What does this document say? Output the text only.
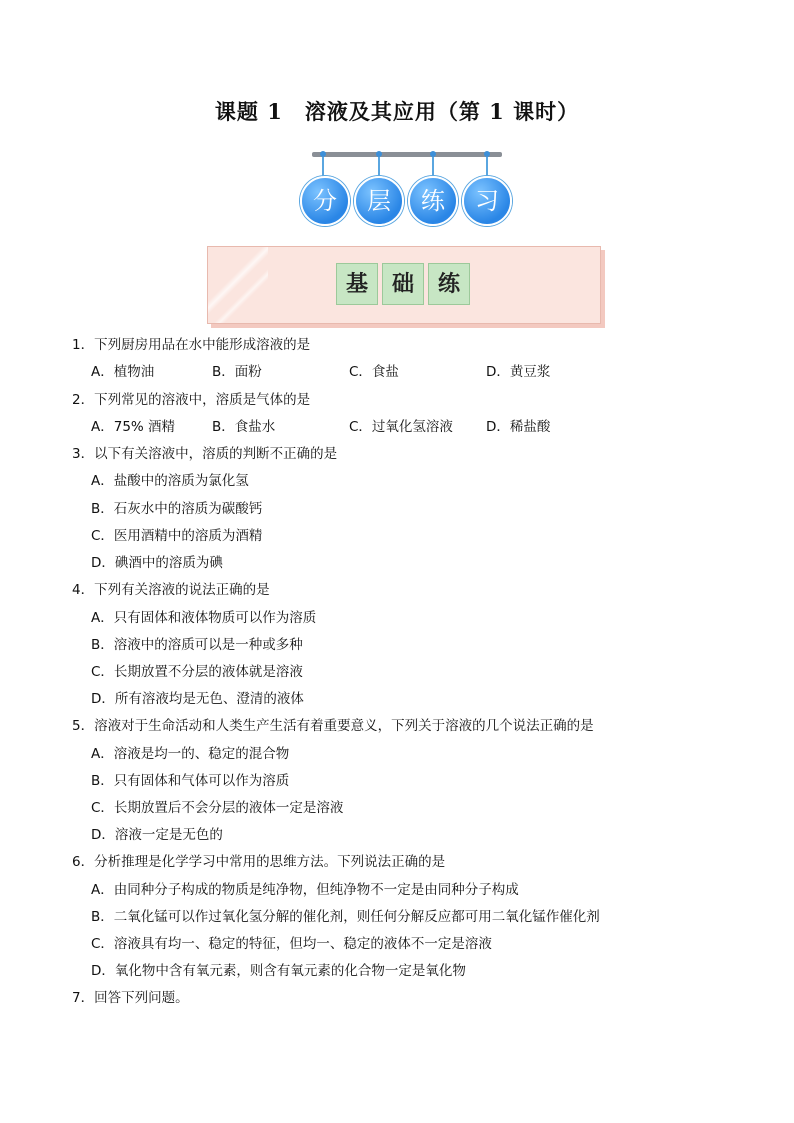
课题 1　溶液及其应用（第 1 课时）
分	层	练	习
基	础	练
1．下列厨房用品在水中能形成溶液的是
A．植物油	B．面粉	C．食盐	D．黄豆浆
2．下列常见的溶液中，溶质是气体的是
A．75% 酒精	B．食盐水	C．过氧化氢溶液 D．稀盐酸
3．以下有关溶液中，溶质的判断不正确的是
A．盐酸中的溶质为氯化氢
B．石灰水中的溶质为碳酸钙
C．医用酒精中的溶质为酒精
D．碘酒中的溶质为碘
4．下列有关溶液的说法正确的是
A．只有固体和液体物质可以作为溶质
B．溶液中的溶质可以是一种或多种
C．长期放置不分层的液体就是溶液
D．所有溶液均是无色、澄清的液体
5．溶液对于生命活动和人类生产生活有着重要意义，下列关于溶液的几个说法正确的是
A．溶液是均一的、稳定的混合物
B．只有固体和气体可以作为溶质
C．长期放置后不会分层的液体一定是溶液
D．溶液一定是无色的
6．分析推理是化学学习中常用的思维方法。下列说法正确的是
A．由同种分子构成的物质是纯净物，但纯净物不一定是由同种分子构成
B．二氧化锰可以作过氧化氢分解的催化剂，则任何分解反应都可用二氧化锰作催化剂
C．溶液具有均一、稳定的特征，但均一、稳定的液体不一定是溶液
D．氧化物中含有氧元素，则含有氧元素的化合物一定是氧化物
7．回答下列问题。
